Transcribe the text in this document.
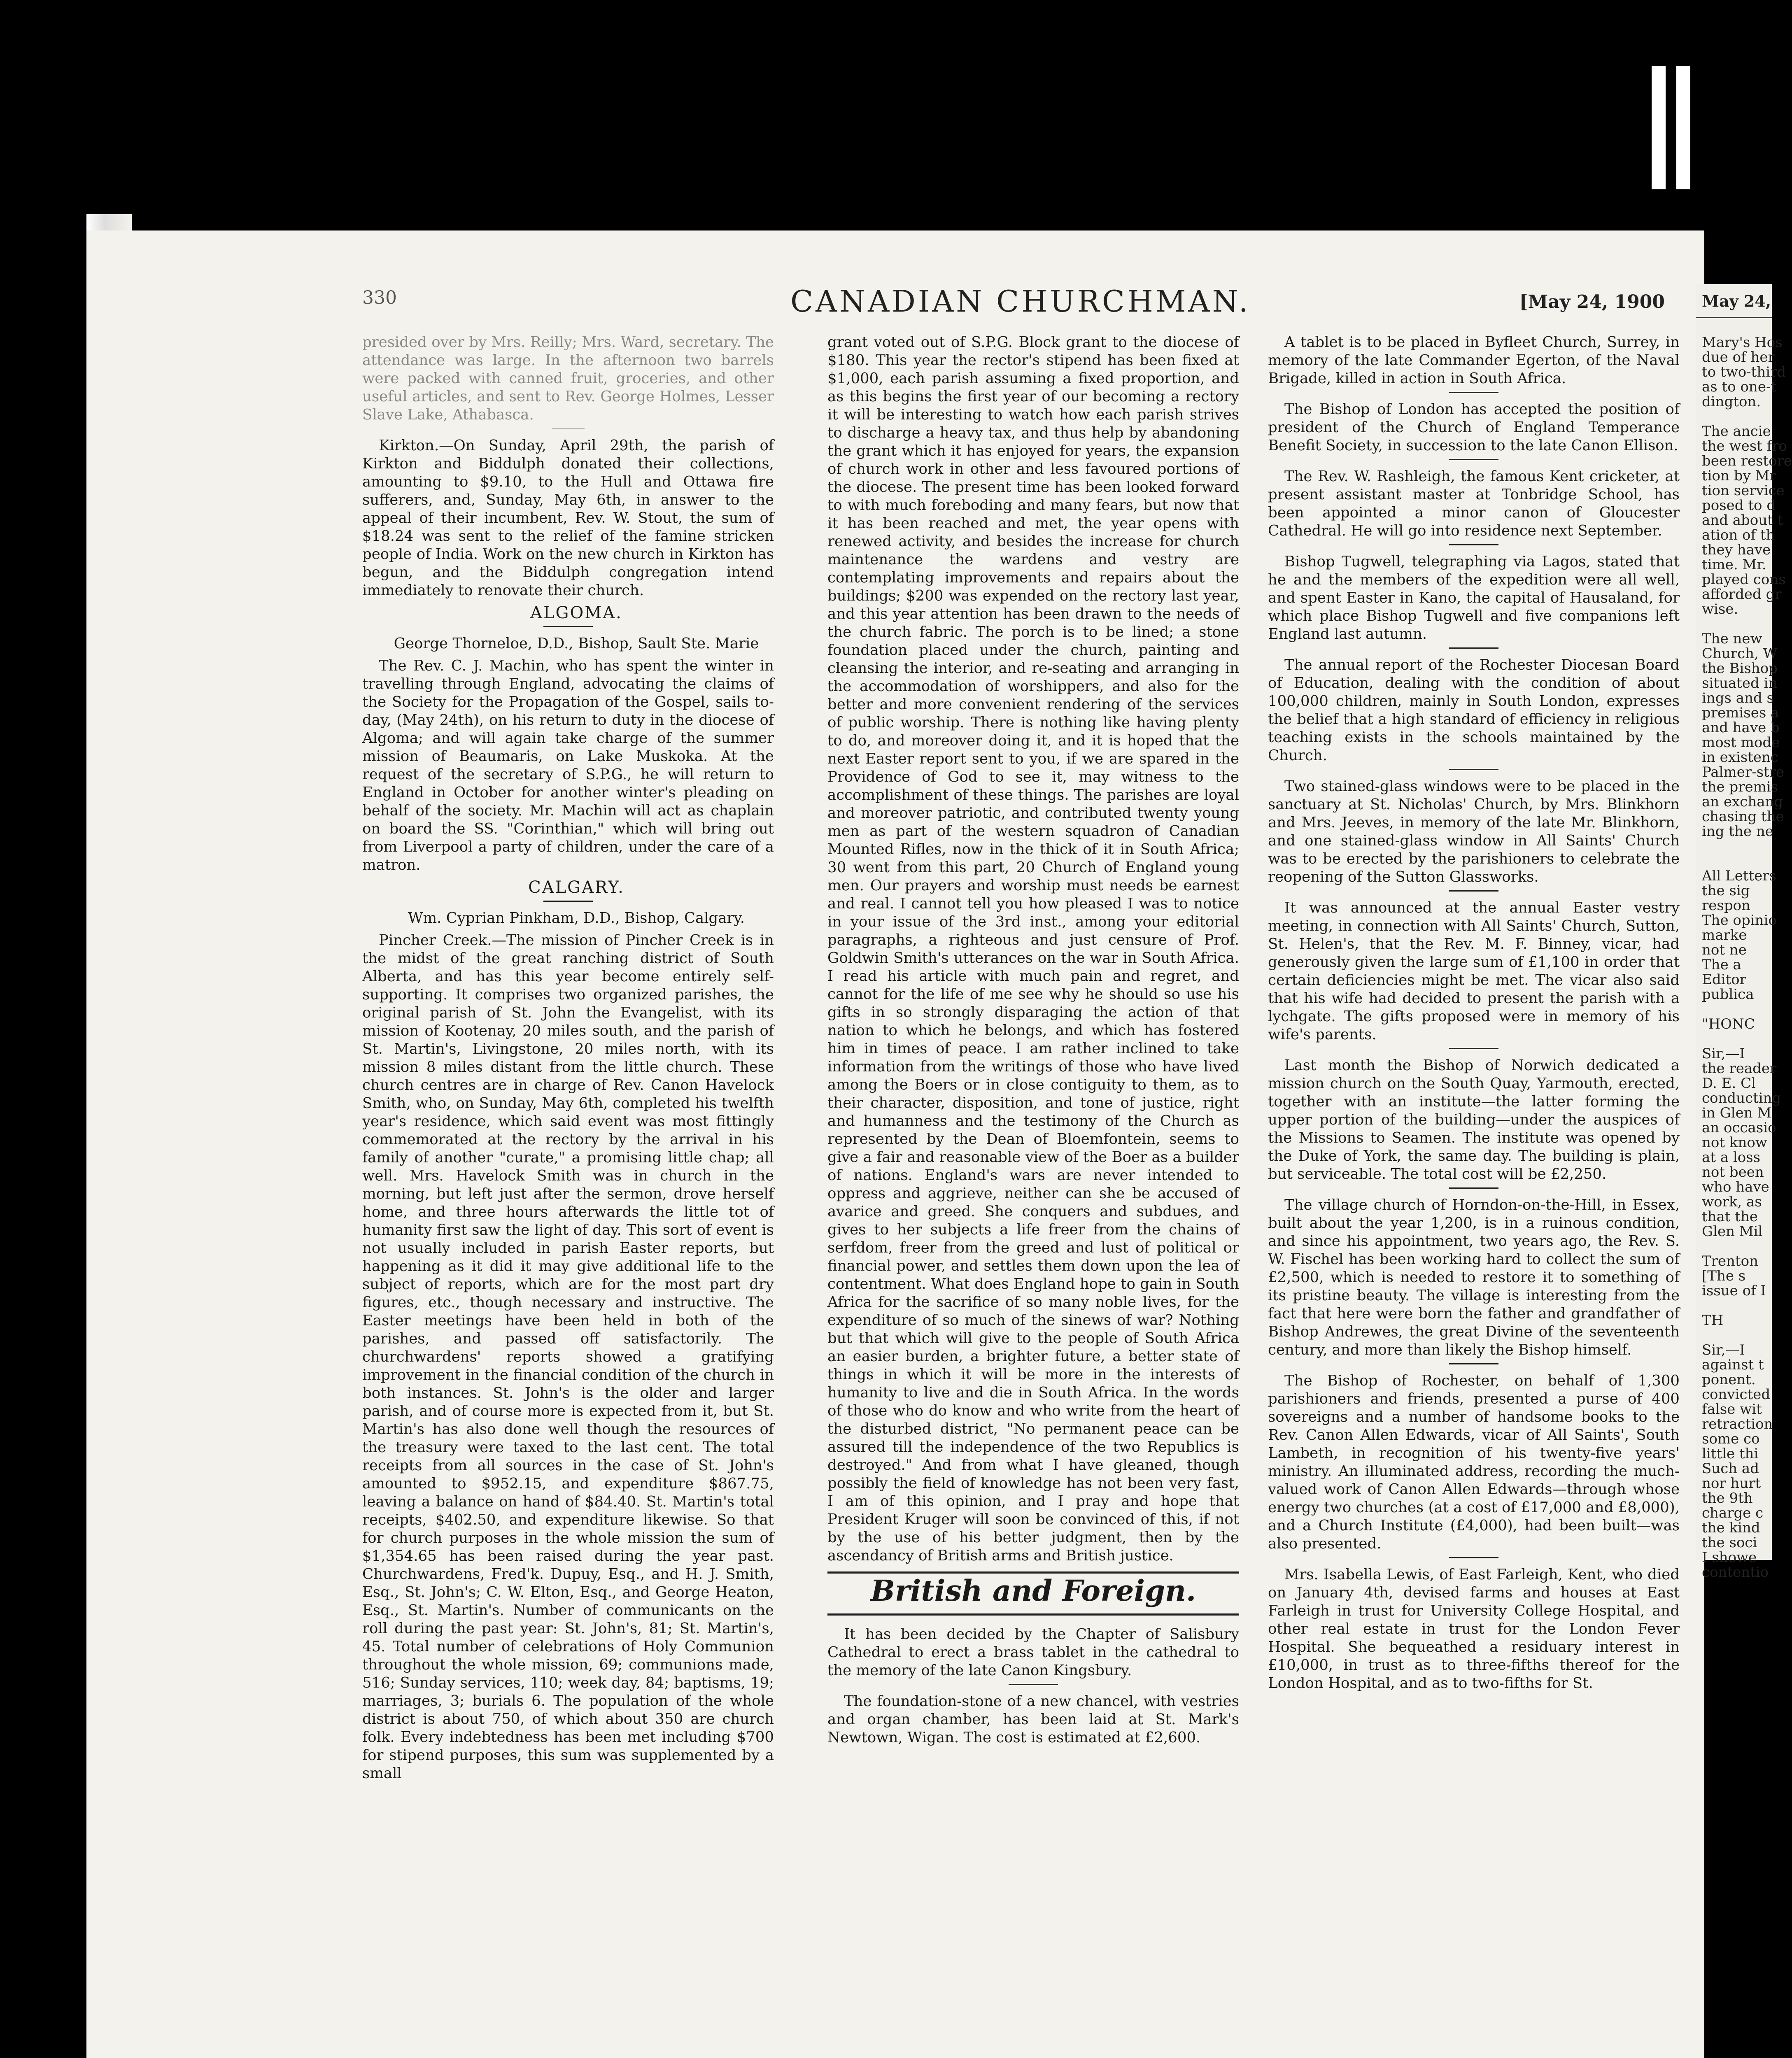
330	CANADIAN CHURCHMAN.	[May 24, 1900

presided over by Mrs. Reilly; Mrs. Ward, secretary. The attendance was large. In the afternoon two barrels were packed with canned fruit, groceries, and other useful articles, and sent to Rev. George Holmes, Lesser Slave Lake, Athabasca.

Kirkton.—On Sunday, April 29th, the parish of Kirkton and Biddulph donated their collections, amounting to $9.10, to the Hull and Ottawa fire sufferers, and, Sunday, May 6th, in answer to the appeal of their incumbent, Rev. W. Stout, the sum of $18.24 was sent to the relief of the famine stricken people of India. Work on the new church in Kirkton has begun, and the Biddulph congregation intend immediately to renovate their church.

ALGOMA.

George Thorneloe, D.D., Bishop, Sault Ste. Marie

The Rev. C. J. Machin, who has spent the winter in travelling through England, advocating the claims of the Society for the Propagation of the Gospel, sails to-day, (May 24th), on his return to duty in the diocese of Algoma; and will again take charge of the summer mission of Beaumaris, on Lake Muskoka. At the request of the secretary of S.P.G., he will return to England in October for another winter's pleading on behalf of the society. Mr. Machin will act as chaplain on board the SS. "Corinthian," which will bring out from Liverpool a party of children, under the care of a matron.

CALGARY.

Wm. Cyprian Pinkham, D.D., Bishop, Calgary.

Pincher Creek.—The mission of Pincher Creek is in the midst of the great ranching district of South Alberta, and has this year become entirely self-supporting. It comprises two organized parishes, the original parish of St. John the Evangelist, with its mission of Kootenay, 20 miles south, and the parish of St. Martin's, Livingstone, 20 miles north, with its mission 8 miles distant from the little church. These church centres are in charge of Rev. Canon Havelock Smith, who, on Sunday, May 6th, completed his twelfth year's residence, which said event was most fittingly commemorated at the rectory by the arrival in his family of another "curate," a promising little chap; all well. Mrs. Havelock Smith was in church in the morning, but left just after the sermon, drove herself home, and three hours afterwards the little tot of humanity first saw the light of day. This sort of event is not usually included in parish Easter reports, but happening as it did it may give additional life to the subject of reports, which are for the most part dry figures, etc., though necessary and instructive. The Easter meetings have been held in both of the parishes, and passed off satisfactorily. The churchwardens' reports showed a gratifying improvement in the financial condition of the church in both instances. St. John's is the older and larger parish, and of course more is expected from it, but St. Martin's has also done well though the resources of the treasury were taxed to the last cent. The total receipts from all sources in the case of St. John's amounted to $952.15, and expenditure $867.75, leaving a balance on hand of $84.40. St. Martin's total receipts, $402.50, and expenditure likewise. So that for church purposes in the whole mission the sum of $1,354.65 has been raised during the year past. Churchwardens, Fred'k. Dupuy, Esq., and H. J. Smith, Esq., St. John's; C. W. Elton, Esq., and George Heaton, Esq., St. Martin's. Number of communicants on the roll during the past year: St. John's, 81; St. Martin's, 45. Total number of celebrations of Holy Communion throughout the whole mission, 69; communions made, 516; Sunday services, 110; week day, 84; baptisms, 19; marriages, 3; burials 6. The population of the whole district is about 750, of which about 350 are church folk. Every indebtedness has been met including $700 for stipend purposes, this sum was supplemented by a small

grant voted out of S.P.G. Block grant to the diocese of $180. This year the rector's stipend has been fixed at $1,000, each parish assuming a fixed proportion, and as this begins the first year of our becoming a rectory it will be interesting to watch how each parish strives to discharge a heavy tax, and thus help by abandoning the grant which it has enjoyed for years, the expansion of church work in other and less favoured portions of the diocese. The present time has been looked forward to with much foreboding and many fears, but now that it has been reached and met, the year opens with renewed activity, and besides the increase for church maintenance the wardens and vestry are contemplating improvements and repairs about the buildings; $200 was expended on the rectory last year, and this year attention has been drawn to the needs of the church fabric. The porch is to be lined; a stone foundation placed under the church, painting and cleansing the interior, and re-seating and arranging in the accommodation of worshippers, and also for the better and more convenient rendering of the services of public worship. There is nothing like having plenty to do, and moreover doing it, and it is hoped that the next Easter report sent to you, if we are spared in the Providence of God to see it, may witness to the accomplishment of these things. The parishes are loyal and moreover patriotic, and contributed twenty young men as part of the western squadron of Canadian Mounted Rifles, now in the thick of it in South Africa; 30 went from this part, 20 Church of England young men. Our prayers and worship must needs be earnest and real. I cannot tell you how pleased I was to notice in your issue of the 3rd inst., among your editorial paragraphs, a righteous and just censure of Prof. Goldwin Smith's utterances on the war in South Africa. I read his article with much pain and regret, and cannot for the life of me see why he should so use his gifts in so strongly disparaging the action of that nation to which he belongs, and which has fostered him in times of peace. I am rather inclined to take information from the writings of those who have lived among the Boers or in close contiguity to them, as to their character, disposition, and tone of justice, right and humanness and the testimony of the Church as represented by the Dean of Bloemfontein, seems to give a fair and reasonable view of the Boer as a builder of nations. England's wars are never intended to oppress and aggrieve, neither can she be accused of avarice and greed. She conquers and subdues, and gives to her subjects a life freer from the chains of serfdom, freer from the greed and lust of political or financial power, and settles them down upon the lea of contentment. What does England hope to gain in South Africa for the sacrifice of so many noble lives, for the expenditure of so much of the sinews of war? Nothing but that which will give to the people of South Africa an easier burden, a brighter future, a better state of things in which it will be more in the interests of humanity to live and die in South Africa. In the words of those who do know and who write from the heart of the disturbed district, "No permanent peace can be assured till the independence of the two Republics is destroyed." And from what I have gleaned, though possibly the field of knowledge has not been very fast, I am of this opinion, and I pray and hope that President Kruger will soon be convinced of this, if not by the use of his better judgment, then by the ascendancy of British arms and British justice.

British and Foreign.

It has been decided by the Chapter of Salisbury Cathedral to erect a brass tablet in the cathedral to the memory of the late Canon Kingsbury.

The foundation-stone of a new chancel, with vestries and organ chamber, has been laid at St. Mark's Newtown, Wigan. The cost is estimated at £2,600.

A tablet is to be placed in Byfleet Church, Surrey, in memory of the late Commander Egerton, of the Naval Brigade, killed in action in South Africa.

The Bishop of London has accepted the position of president of the Church of England Temperance Benefit Society, in succession to the late Canon Ellison.

The Rev. W. Rashleigh, the famous Kent cricketer, at present assistant master at Tonbridge School, has been appointed a minor canon of Gloucester Cathedral. He will go into residence next September.

Bishop Tugwell, telegraphing via Lagos, stated that he and the members of the expedition were all well, and spent Easter in Kano, the capital of Hausaland, for which place Bishop Tugwell and five companions left England last autumn.

The annual report of the Rochester Diocesan Board of Education, dealing with the condition of about 100,000 children, mainly in South London, expresses the belief that a high standard of efficiency in religious teaching exists in the schools maintained by the Church.

Two stained-glass windows were to be placed in the sanctuary at St. Nicholas' Church, by Mrs. Blinkhorn and Mrs. Jeeves, in memory of the late Mr. Blinkhorn, and one stained-glass window in All Saints' Church was to be erected by the parishioners to celebrate the reopening of the Sutton Glassworks.

It was announced at the annual Easter vestry meeting, in connection with All Saints' Church, Sutton, St. Helen's, that the Rev. M. F. Binney, vicar, had generously given the large sum of £1,100 in order that certain deficiencies might be met. The vicar also said that his wife had decided to present the parish with a lychgate. The gifts proposed were in memory of his wife's parents.

Last month the Bishop of Norwich dedicated a mission church on the South Quay, Yarmouth, erected, together with an institute—the latter forming the upper portion of the building—under the auspices of the Missions to Seamen. The institute was opened by the Duke of York, the same day. The building is plain, but serviceable. The total cost will be £2,250.

The village church of Horndon-on-the-Hill, in Essex, built about the year 1,200, is in a ruinous condition, and since his appointment, two years ago, the Rev. S. W. Fischel has been working hard to collect the sum of £2,500, which is needed to restore it to something of its pristine beauty. The village is interesting from the fact that here were born the father and grandfather of Bishop Andrewes, the great Divine of the seventeenth century, and more than likely the Bishop himself.

The Bishop of Rochester, on behalf of 1,300 parishioners and friends, presented a purse of 400 sovereigns and a number of handsome books to the Rev. Canon Allen Edwards, vicar of All Saints', South Lambeth, in recognition of his twenty-five years' ministry. An illuminated address, recording the much-valued work of Canon Allen Edwards—through whose energy two churches (at a cost of £17,000 and £8,000), and a Church Institute (£4,000), had been built—was also presented.

Mrs. Isabella Lewis, of East Farleigh, Kent, who died on January 4th, devised farms and houses at East Farleigh in trust for University College Hospital, and other real estate in trust for the London Fever Hospital. She bequeathed a residuary interest in £10,000, in trust as to three-fifths thereof for the London Hospital, and as to two-fifths for St.

May 24,
Mary's Hos
due of her
to two-third
as to one-t
dington.
The ancie
the west fro
been restore
tion by Mr
tion service
posed to d
and about t
ation of th
they have
time. Mr.
played cons
afforded gr
wise.
The new
Church, W
the Bishop
situated in
ings and s
premises a
and have b
most mode
in existenc
Palmer-stre
the premis
an exchang
chasing the
ing the ne
All Letters
the sig
respon
The opinio
marke
not ne
The a
Editor
publica
"HONC
Sir,—I
the reader
D. E. Cl
conducting
in Glen M
an occasio
not know
at a loss
not been
who have
work, as
that the
Glen Mil
Trenton
[The s
issue of I
TH
Sir,—I
against t
ponent.
convicted
false wit
retraction
some co
little thi
Such ad
nor hurt
the 9th
charge c
the kind
the soci
I showe
contentio
